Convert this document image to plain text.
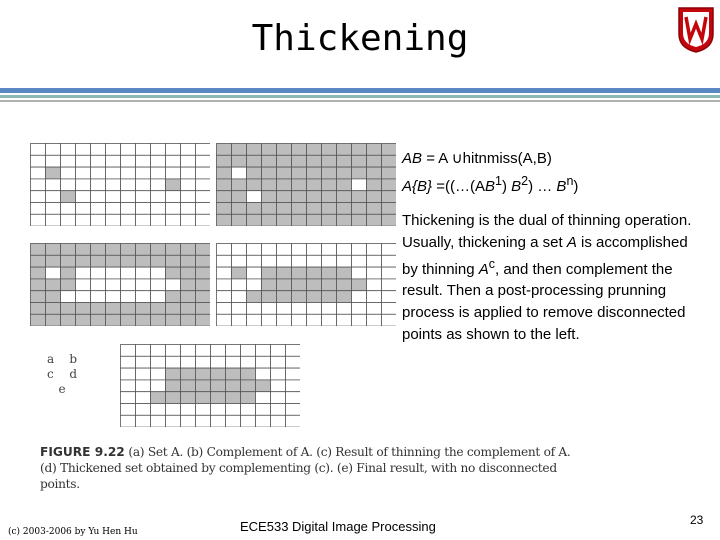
Thickening
a b
c d
e
AB = A ∪hitnmiss(A,B)
$A\{B\} =((\dots(AB^1)$ $B^2$) … $B^n$)
Thickening is the dual of thinning operation. Usually, thickening a set A is accomplished by thinning $A^c$, and then complement the result. Then a post-processing prunning process is applied to remove disconnected points as shown to the left.
FIGURE 9.22 (a) Set A. (b) Complement of A. (c) Result of thinning the complement of A. (d) Thickened set obtained by complementing (c). (e) Final result, with no disconnected points.
(c) 2003-2006 by Yu Hen Hu	ECE533 Digital Image Processing	23
